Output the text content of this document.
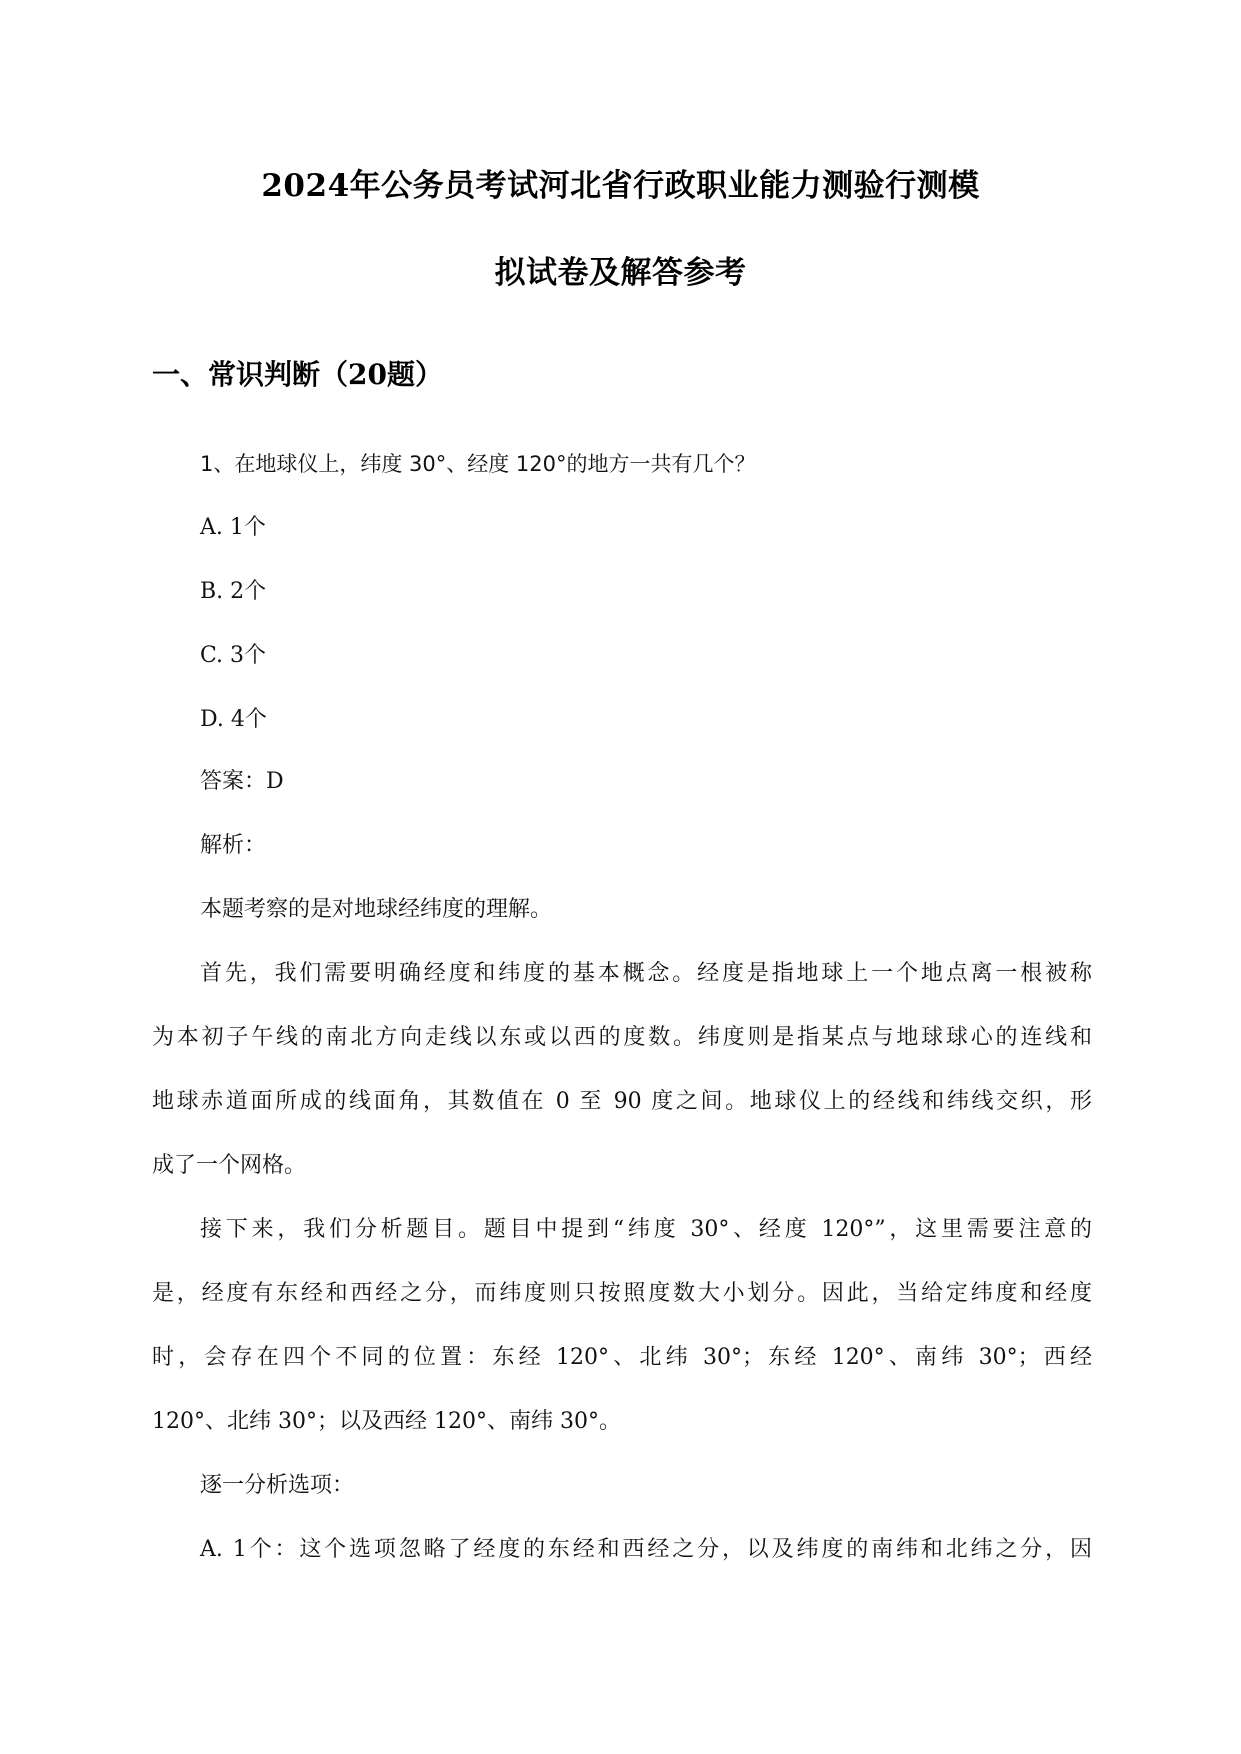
2024年公务员考试河北省行政职业能力测验行测模
拟试卷及解答参考
一、常识判断（20题）
1、在地球仪上，纬度 30°、经度 120°的地方一共有几个？
A. 1个
B. 2个
C. 3个
D. 4个
答案：D
解析：
本题考察的是对地球经纬度的理解。
首先，我们需要明确经度和纬度的基本概念。经度是指地球上一个地点离一根被称
为本初子午线的南北方向走线以东或以西的度数。纬度则是指某点与地球球心的连线和
地球赤道面所成的线面角，其数值在 0 至 90 度之间。地球仪上的经线和纬线交织，形
成了一个网格。
接下来，我们分析题目。题目中提到“纬度 30°、经度 120°”，这里需要注意的
是，经度有东经和西经之分，而纬度则只按照度数大小划分。因此，当给定纬度和经度
时，会存在四个不同的位置：东经 120°、北纬 30°；东经 120°、南纬 30°；西经
120°、北纬 30°；以及西经 120°、南纬 30°。
逐一分析选项：
A. 1个：这个选项忽略了经度的东经和西经之分，以及纬度的南纬和北纬之分，因
